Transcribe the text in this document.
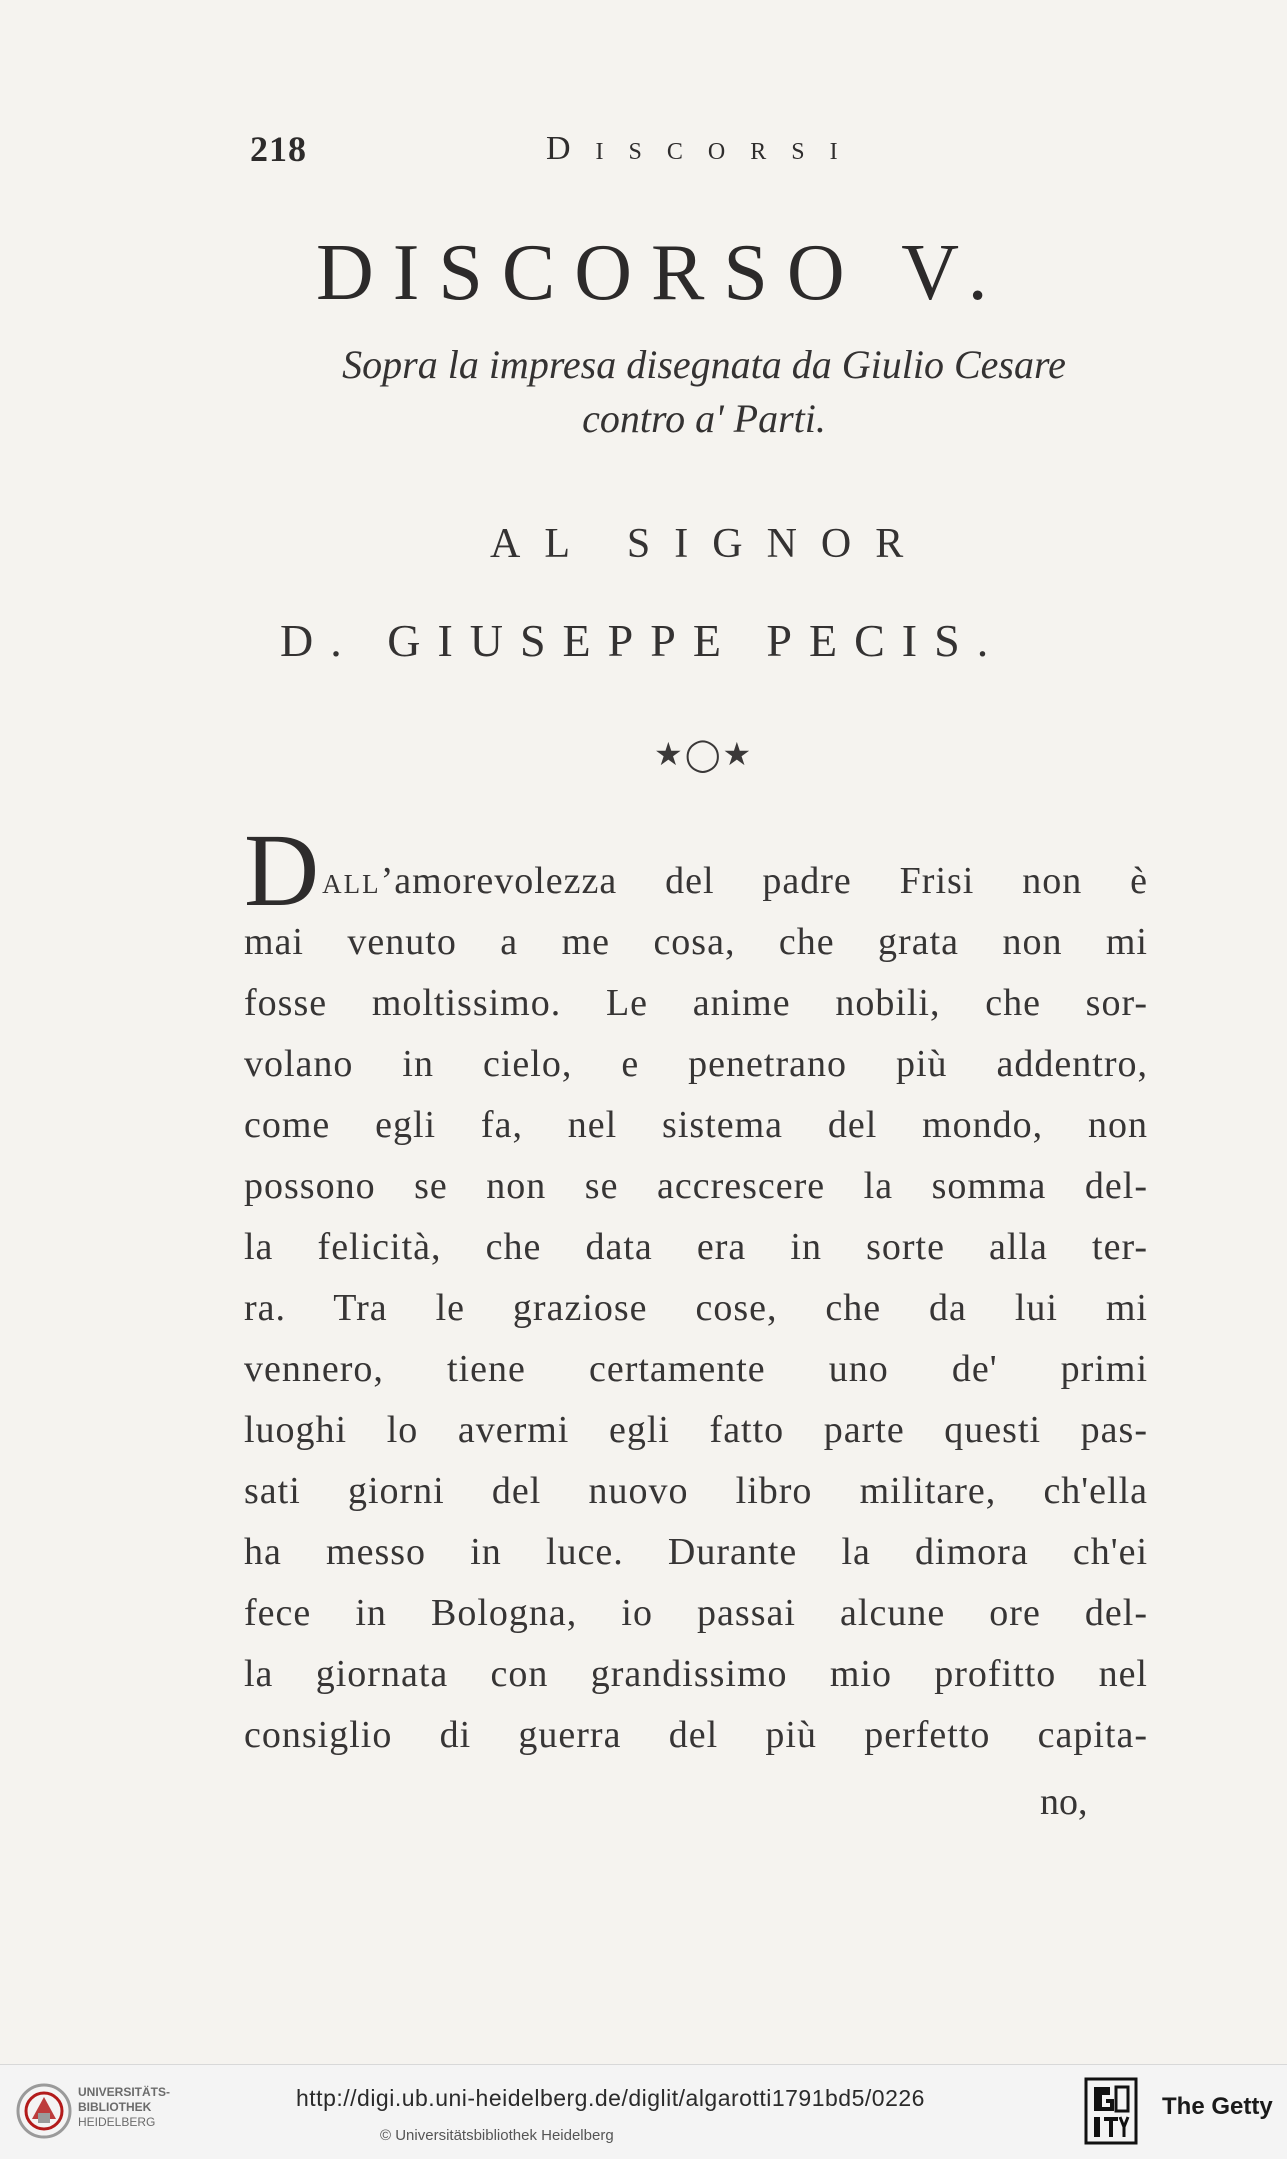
218	Discorsi
DISCORSO V.
Sopra la impresa disegnata da Giulio Cesare
contro a' Parti.
AL SIGNOR
D. GIUSEPPE PECIS.
★◯★
Dall’amorevolezza del padre Frisi non è
mai venuto a me cosa, che grata non mi
fosse moltissimo. Le anime nobili, che sor-
volano in cielo, e penetrano più addentro,
come egli fa, nel sistema del mondo, non
possono se non se accrescere la somma del-
la felicità, che data era in sorte alla ter-
ra. Tra le graziose cose, che da lui mi
vennero, tiene certamente uno de' primi
luoghi lo avermi egli fatto parte questi pas-
sati giorni del nuovo libro militare, ch'ella
ha messo in luce. Durante la dimora ch'ei
fece in Bologna, io passai alcune ore del-
la giornata con grandissimo mio profitto nel
consiglio di guerra del più perfetto capita-
no,
UNIVERSITÄTS-
BIBLIOTHEK
HEIDELBERG
http://digi.ub.uni-heidelberg.de/diglit/algarotti1791bd5/0226
© Universitätsbibliothek Heidelberg
The Getty
